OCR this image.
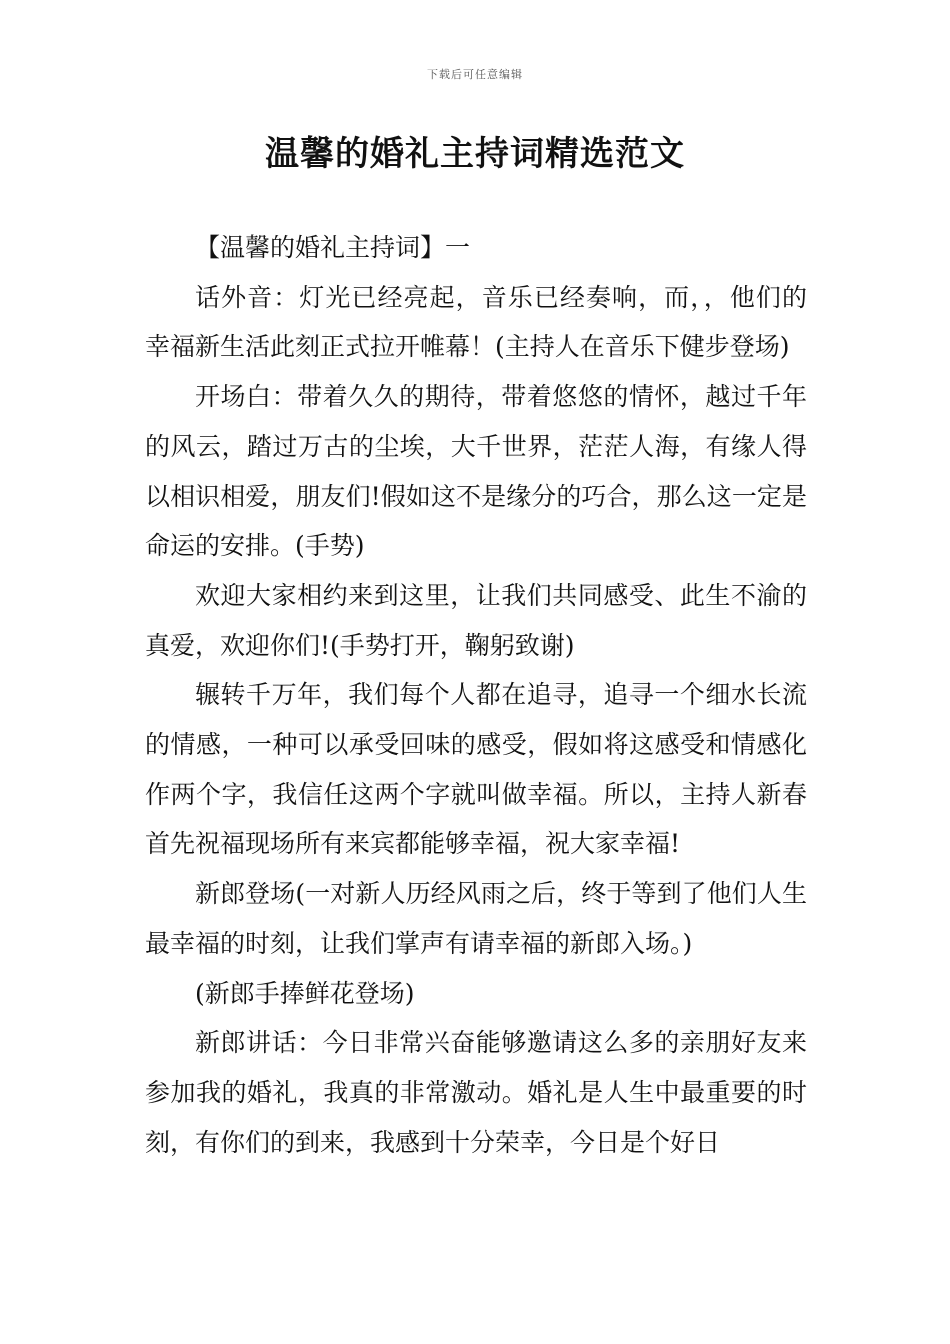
下载后可任意编辑
温馨的婚礼主持词精选范文

【温馨的婚礼主持词】一

话外音：灯光已经亮起，音乐已经奏响，而，，他们的幸福新生活此刻正式拉开帷幕！(主持人在音乐下健步登场)

开场白：带着久久的期待，带着悠悠的情怀，越过千年的风云，踏过万古的尘埃，大千世界，茫茫人海，有缘人得以相识相爱，朋友们!假如这不是缘分的巧合，那么这一定是命运的安排。(手势)

欢迎大家相约来到这里，让我们共同感受、此生不渝的真爱，欢迎你们!(手势打开，鞠躬致谢)

辗转千万年，我们每个人都在追寻，追寻一个细水长流的情感，一种可以承受回味的感受，假如将这感受和情感化作两个字，我信任这两个字就叫做幸福。所以，主持人新春首先祝福现场所有来宾都能够幸福，祝大家幸福!

新郎登场(一对新人历经风雨之后，终于等到了他们人生最幸福的时刻，让我们掌声有请幸福的新郎入场。)

(新郎手捧鲜花登场)

新郎讲话：今日非常兴奋能够邀请这么多的亲朋好友来参加我的婚礼，我真的非常激动。婚礼是人生中最重要的时刻，有你们的到来，我感到十分荣幸，今日是个好日
